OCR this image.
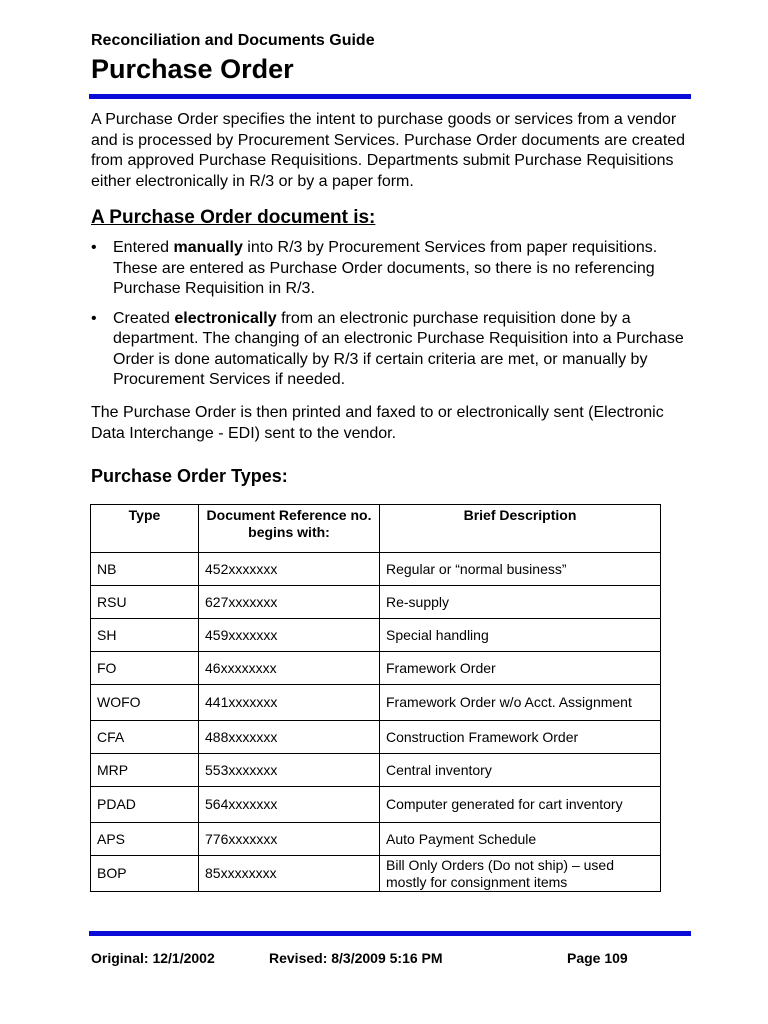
Reconciliation and Documents Guide
Purchase Order

A Purchase Order specifies the intent to purchase goods or services from a vendor and is processed by Procurement Services. Purchase Order documents are created from approved Purchase Requisitions. Departments submit Purchase Requisitions either electronically in R/3 or by a paper form.

A Purchase Order document is:
• Entered manually into R/3 by Procurement Services from paper requisitions. These are entered as Purchase Order documents, so there is no referencing Purchase Requisition in R/3.
• Created electronically from an electronic purchase requisition done by a department. The changing of an electronic Purchase Requisition into a Purchase Order is done automatically by R/3 if certain criteria are met, or manually by Procurement Services if needed.

The Purchase Order is then printed and faxed to or electronically sent (Electronic Data Interchange - EDI) sent to the vendor.

Purchase Order Types:
Type	Document Reference no. begins with:	Brief Description
NB	452xxxxxxx	Regular or “normal business”
RSU	627xxxxxxx	Re-supply
SH	459xxxxxxx	Special handling
FO	46xxxxxxxx	Framework Order
WOFO	441xxxxxxx	Framework Order w/o Acct. Assignment
CFA	488xxxxxxx	Construction Framework Order
MRP	553xxxxxxx	Central inventory
PDAD	564xxxxxxx	Computer generated for cart inventory
APS	776xxxxxxx	Auto Payment Schedule
BOP	85xxxxxxxx	Bill Only Orders (Do not ship) – used mostly for consignment items
Original: 12/1/2002	Revised: 8/3/2009 5:16 PM	Page 109
